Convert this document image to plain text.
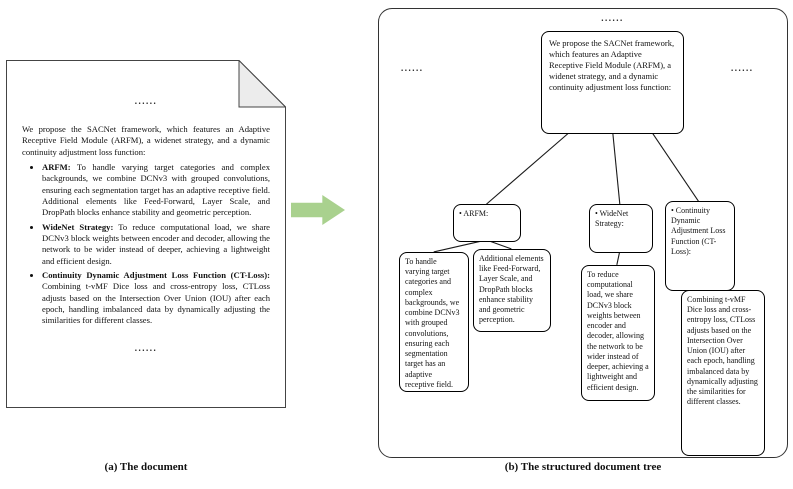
......

We propose the SACNet framework, which features an Adaptive Receptive Field Module (ARFM), a widenet strategy, and a dynamic continuity adjustment loss function:

• ARFM: To handle varying target categories and complex backgrounds, we combine DCNv3 with grouped convolutions, ensuring each segmentation target has an adaptive receptive field. Additional elements like Feed-Forward, Layer Scale, and DropPath blocks enhance stability and geometric perception.
• WideNet Strategy: To reduce computational load, we share DCNv3 block weights between encoder and decoder, allowing the network to be wider instead of deeper, achieving a lightweight and efficient design.
• Continuity Dynamic Adjustment Loss Function (CT-Loss): Combining t-vMF Dice loss and cross-entropy loss, CTLoss adjusts based on the Intersection Over Union (IOU) after each epoch, handling imbalanced data by dynamically adjusting the similarities for different classes.
......
......
......	......
We propose the SACNet framework, which features an Adaptive Receptive Field Module (ARFM), a widenet strategy, and a dynamic continuity adjustment loss function:
• ARFM:	• WideNet Strategy:
• Continuity Dynamic Adjustment Loss Function (CT-Loss):
To handle varying target categories and complex backgrounds, we combine DCNv3 with grouped convolutions, ensuring each segmentation target has an adaptive receptive field.
Additional elements like Feed-Forward, Layer Scale, and DropPath blocks enhance stability and geometric perception.
To reduce computational load, we share DCNv3 block weights between encoder and decoder, allowing the network to be wider instead of deeper, achieving a lightweight and efficient design.
Combining t-vMF Dice loss and cross-entropy loss, CTLoss adjusts based on the Intersection Over Union (IOU) after each epoch, handling imbalanced data by dynamically adjusting the similarities for different classes.
(a) The document	(b) The structured document tree
